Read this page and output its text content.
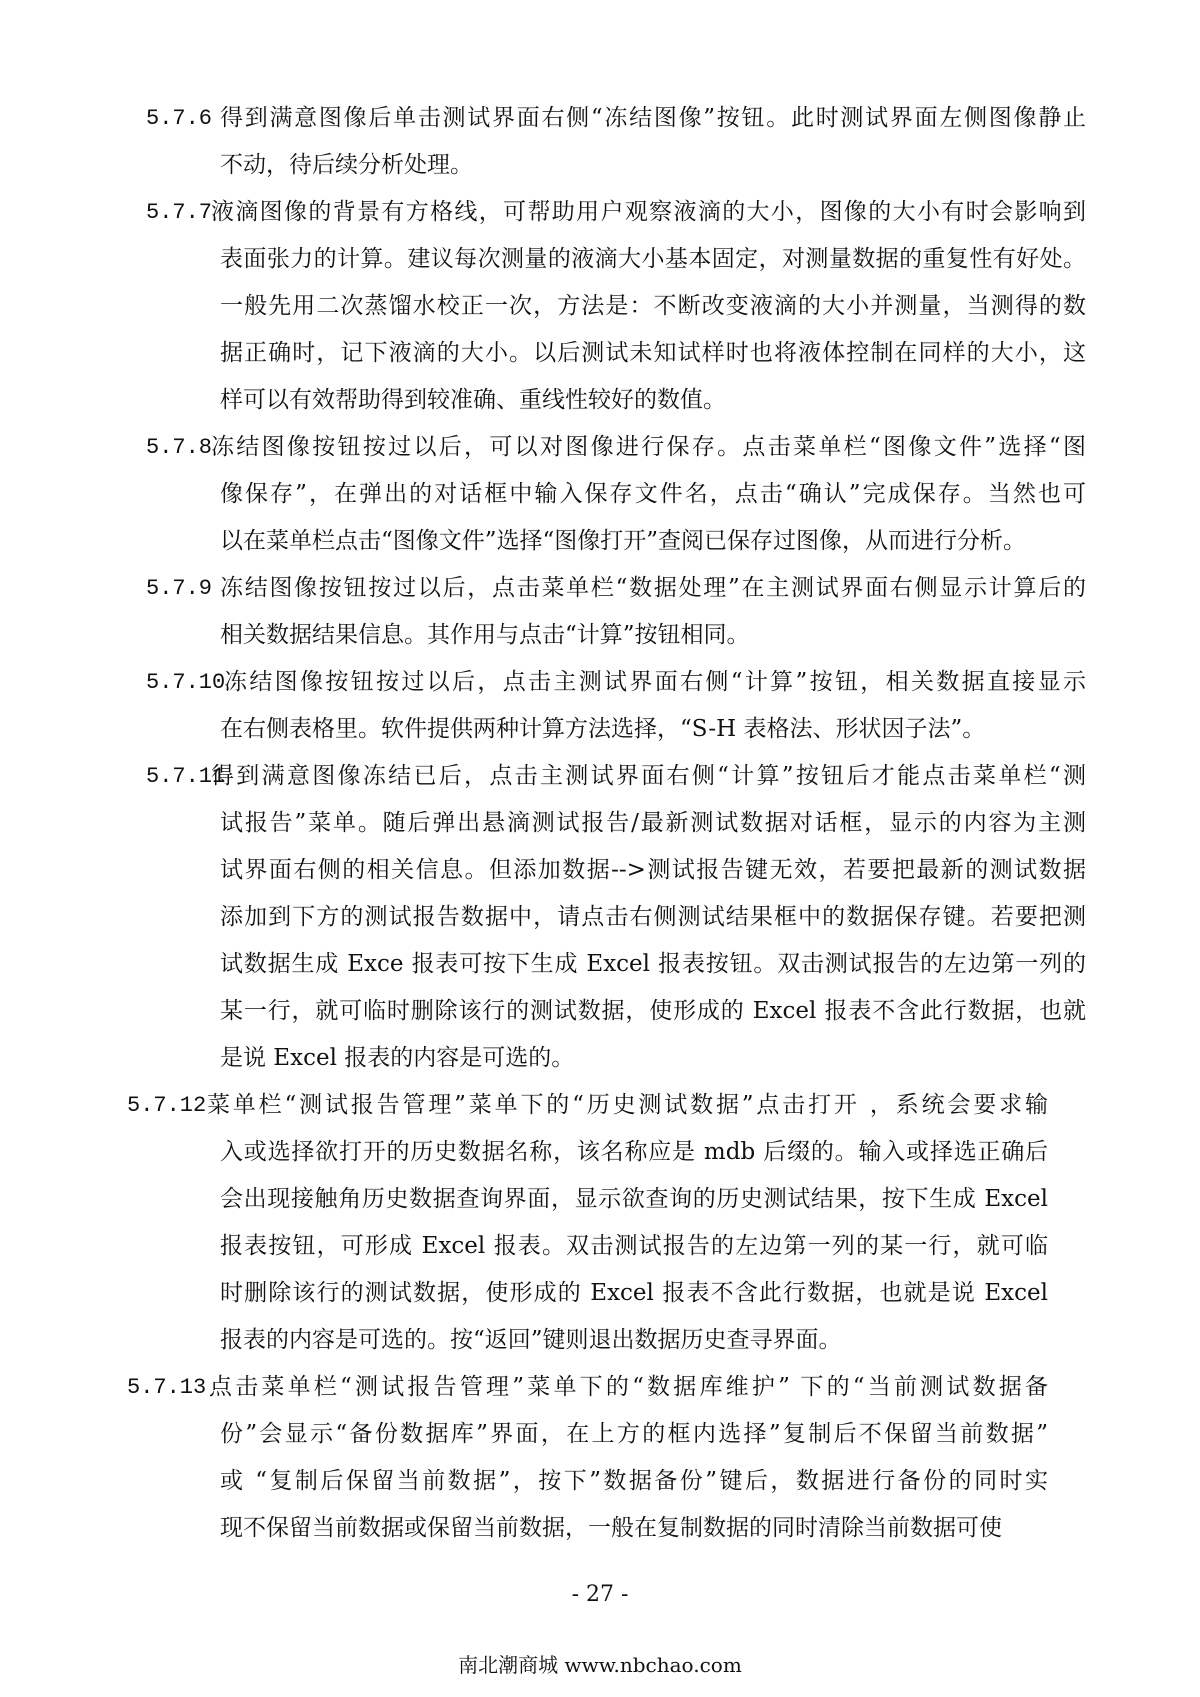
5.7.6 得到满意图像后单击测试界面右侧“冻结图像”按钮。此时测试界面左侧图像静止
不动，待后续分析处理。
5.7.7
液滴图像的背景有方格线，可帮助用户观察液滴的大小，图像的大小有时会影响到
表面张力的计算。建议每次测量的液滴大小基本固定，对测量数据的重复性有好处。
一般先用二次蒸馏水校正一次，方法是：不断改变液滴的大小并测量，当测得的数
据正确时，记下液滴的大小。以后测试未知试样时也将液体控制在同样的大小，这
样可以有效帮助得到较准确、重线性较好的数值。
5.7.8
冻结图像按钮按过以后，可以对图像进行保存。点击菜单栏“图像文件”选择“图
像保存”，在弹出的对话框中输入保存文件名，点击“确认”完成保存。当然也可
以在菜单栏点击“图像文件”选择“图像打开”查阅已保存过图像，从而进行分析。
5.7.9 冻结图像按钮按过以后，点击菜单栏“数据处理”在主测试界面右侧显示计算后的
相关数据结果信息。其作用与点击“计算”按钮相同。
5.7.10
冻结图像按钮按过以后，点击主测试界面右侧“计算”按钮，相关数据直接显示
在右侧表格里。软件提供两种计算方法选择，“S-H 表格法、形状因子法”。
5.7.11
得到满意图像冻结已后，点击主测试界面右侧“计算”按钮后才能点击菜单栏“测
试报告”菜单。随后弹出悬滴测试报告/最新测试数据对话框，显示的内容为主测
试界面右侧的相关信息。但添加数据-->测试报告键无效，若要把最新的测试数据
添加到下方的测试报告数据中，请点击右侧测试结果框中的数据保存键。若要把测
试数据生成 Exce 报表可按下生成 Excel 报表按钮。双击测试报告的左边第一列的
某一行，就可临时删除该行的测试数据，使形成的 Excel 报表不含此行数据，也就
是说 Excel 报表的内容是可选的。
5.7.12 菜单栏“测试报告管理”菜单下的“历史测试数据”点击打开 ，系统会要求输
入或选择欲打开的历史数据名称，该名称应是 mdb 后缀的。输入或择选正确后
会出现接触角历史数据查询界面，显示欲查询的历史测试结果，按下生成 Excel
报表按钮，可形成 Excel 报表。双击测试报告的左边第一列的某一行，就可临
时删除该行的测试数据，使形成的 Excel 报表不含此行数据，也就是说 Excel
报表的内容是可选的。按“返回”键则退出数据历史查寻界面。
5.7.13 点击菜单栏“测试报告管理”菜单下的“数据库维护” 下的“当前测试数据备
份”会显示“备份数据库”界面，在上方的框内选择”复制后不保留当前数据”
或 “复制后保留当前数据”，按下”数据备份”键后，数据进行备份的同时实
现不保留当前数据或保留当前数据，一般在复制数据的同时清除当前数据可使
- 27 -
南北潮商城 www.nbchao.com
